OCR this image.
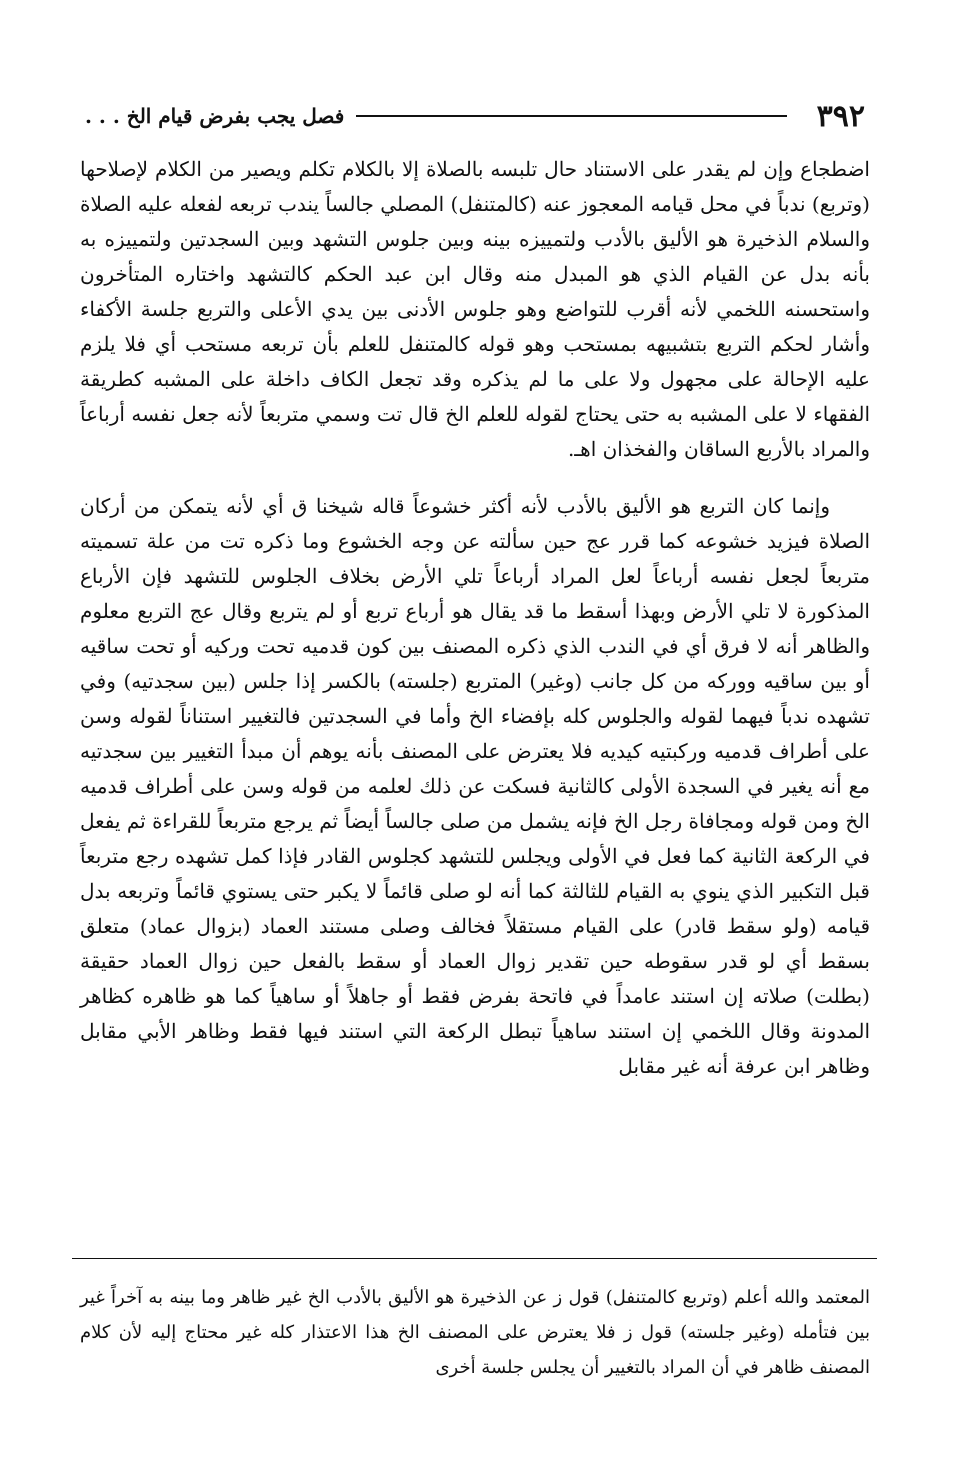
٣٩٢
فصل يجب بفرض قيام الخ . . .

اضطجاع وإن لم يقدر على الاستناد حال تلبسه بالصلاة إلا بالكلام تكلم ويصير من الكلام لإصلاحها (وتربع) ندباً في محل قيامه المعجوز عنه (كالمتنفل) المصلي جالساً يندب تربعه لفعله عليه الصلاة والسلام الذخيرة هو الأليق بالأدب ولتمييزه بينه وبين جلوس التشهد وبين السجدتين ولتمييزه به بأنه بدل عن القيام الذي هو المبدل منه وقال ابن عبد الحكم كالتشهد واختاره المتأخرون واستحسنه اللخمي لأنه أقرب للتواضع وهو جلوس الأدنى بين يدي الأعلى والتربع جلسة الأكفاء وأشار لحكم التربع بتشبيهه بمستحب وهو قوله كالمتنفل للعلم بأن تربعه مستحب أي فلا يلزم عليه الإحالة على مجهول ولا على ما لم يذكره وقد تجعل الكاف داخلة على المشبه كطريقة الفقهاء لا على المشبه به حتى يحتاج لقوله للعلم الخ قال تت وسمي متربعاً لأنه جعل نفسه أرباعاً والمراد بالأربع الساقان والفخذان اهـ.

وإنما كان التربع هو الأليق بالأدب لأنه أكثر خشوعاً قاله شيخنا ق أي لأنه يتمكن من أركان الصلاة فيزيد خشوعه كما قرر عج حين سألته عن وجه الخشوع وما ذكره تت من علة تسميته متربعاً لجعل نفسه أرباعاً لعل المراد أرباعاً تلي الأرض بخلاف الجلوس للتشهد فإن الأرباع المذكورة لا تلي الأرض وبهذا أسقط ما قد يقال هو أرباع تربع أو لم يتربع وقال عج التربع معلوم والظاهر أنه لا فرق أي في الندب الذي ذكره المصنف بين كون قدميه تحت وركيه أو تحت ساقيه أو بين ساقيه ووركه من كل جانب (وغير) المتربع (جلسته) بالكسر إذا جلس (بين سجدتيه) وفي تشهده ندباً فيهما لقوله والجلوس كله بإفضاء الخ وأما في السجدتين فالتغيير استناناً لقوله وسن على أطراف قدميه وركبتيه كيديه فلا يعترض على المصنف بأنه يوهم أن مبدأ التغيير بين سجدتيه مع أنه يغير في السجدة الأولى كالثانية فسكت عن ذلك لعلمه من قوله وسن على أطراف قدميه الخ ومن قوله ومجافاة رجل الخ فإنه يشمل من صلى جالساً أيضاً ثم يرجع متربعاً للقراءة ثم يفعل في الركعة الثانية كما فعل في الأولى ويجلس للتشهد كجلوس القادر فإذا كمل تشهده رجع متربعاً قبل التكبير الذي ينوي به القيام للثالثة كما أنه لو صلى قائماً لا يكبر حتى يستوي قائماً وتربعه بدل قيامه (ولو سقط قادر) على القيام مستقلاً فخالف وصلى مستند العماد (بزوال عماد) متعلق بسقط أي لو قدر سقوطه حين تقدير زوال العماد أو سقط بالفعل حين زوال العماد حقيقة (بطلت) صلاته إن استند عامداً في فاتحة بفرض فقط أو جاهلاً أو ساهياً كما هو ظاهره كظاهر المدونة وقال اللخمي إن استند ساهياً تبطل الركعة التي استند فيها فقط وظاهر الأبي مقابل وظاهر ابن عرفة أنه غير مقابل

المعتمد والله أعلم (وتربع كالمتنفل) قول ز عن الذخيرة هو الأليق بالأدب الخ غير ظاهر وما بينه به آخراً غير بين فتأمله (وغير جلسته) قول ز فلا يعترض على المصنف الخ هذا الاعتذار كله غير محتاج إليه لأن كلام المصنف ظاهر في أن المراد بالتغيير أن يجلس جلسة أخرى
